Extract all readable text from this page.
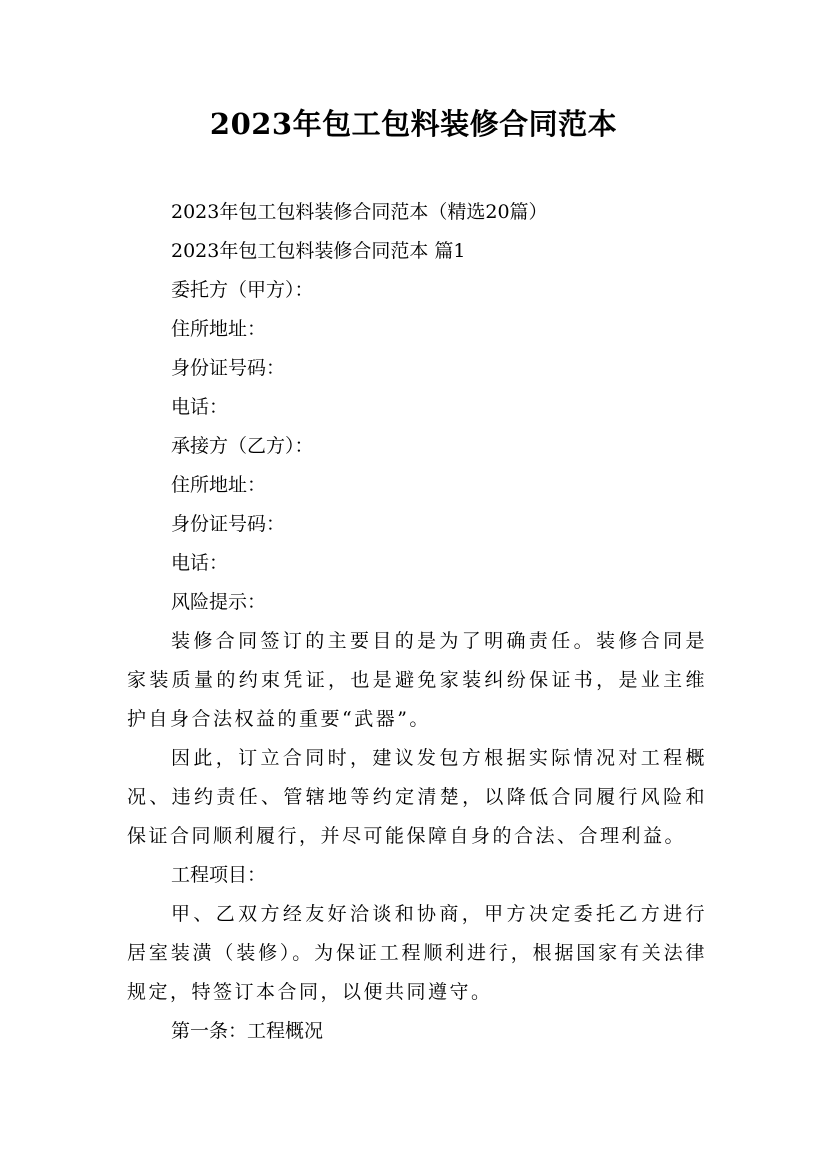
2023年包工包料装修合同范本
2023年包工包料装修合同范本（精选20篇）
2023年包工包料装修合同范本 篇1
委托方（甲方）：
住所地址：
身份证号码：
电话：
承接方（乙方）：
住所地址：
身份证号码：
电话：
风险提示：
装修合同签订的主要目的是为了明确责任。装修合同是家装质量的约束凭证，也是避免家装纠纷保证书，是业主维护自身合法权益的重要“武器”。
因此，订立合同时，建议发包方根据实际情况对工程概况、违约责任、管辖地等约定清楚，以降低合同履行风险和保证合同顺利履行，并尽可能保障自身的合法、合理利益。
工程项目：
甲、乙双方经友好洽谈和协商，甲方决定委托乙方进行居室装潢（装修）。为保证工程顺利进行，根据国家有关法律规定，特签订本合同，以便共同遵守。
第一条：工程概况
